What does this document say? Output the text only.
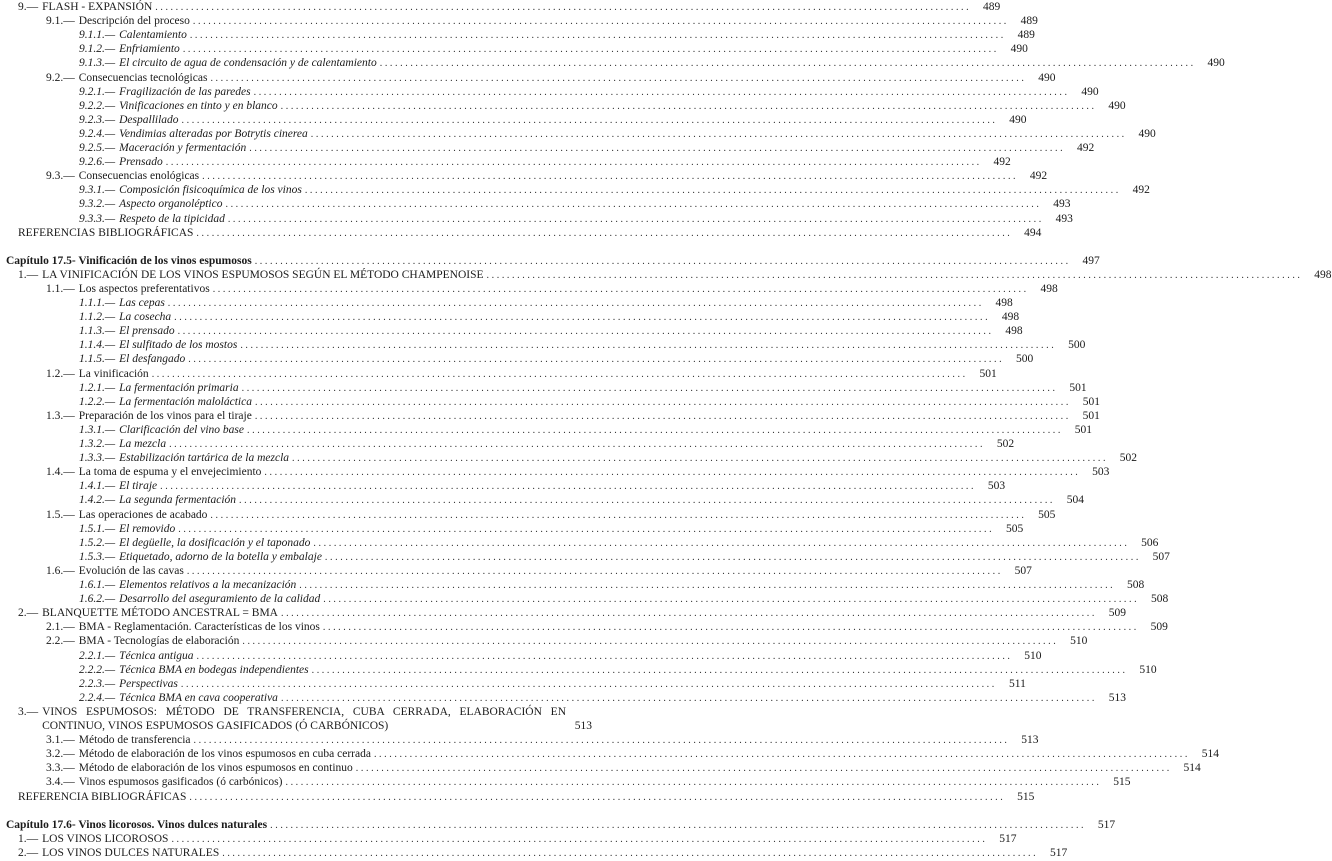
9.— FLASH - EXPANSIÓN ................................................................................................................................................................	489
9.1.— Descripción del proceso ................................................................................................................................................................	489
9.1.1.— Calentamiento ................................................................................................................................................................	489
9.1.2.— Enfriamiento ................................................................................................................................................................	490
9.1.3.— El circuito de agua de condensación y de calentamiento ................................................................................................................................................................	490
9.2.— Consecuencias tecnológicas ................................................................................................................................................................	490
9.2.1.— Fragilización de las paredes ................................................................................................................................................................	490
9.2.2.— Vinificaciones en tinto y en blanco ................................................................................................................................................................	490
9.2.3.— Despallilado ................................................................................................................................................................	490
9.2.4.— Vendimias alteradas por Botrytis cinerea ................................................................................................................................................................	490
9.2.5.— Maceración y fermentación ................................................................................................................................................................	492
9.2.6.— Prensado ................................................................................................................................................................	492
9.3.— Consecuencias enológicas ................................................................................................................................................................	492
9.3.1.— Composición fisicoquímica de los vinos ................................................................................................................................................................	492
9.3.2.— Aspecto organoléptico ................................................................................................................................................................	493
9.3.3.— Respeto de la tipicidad ................................................................................................................................................................	493
REFERENCIAS BIBLIOGRÁFICAS ................................................................................................................................................................	494
Capítulo 17.5- Vinificación de los vinos espumosos ................................................................................................................................................................	497
1.— LA VINIFICACIÓN DE LOS VINOS ESPUMOSOS SEGÚN EL MÉTODO CHAMPENOISE ................................................................................................................................................................	498
1.1.— Los aspectos preferentativos ................................................................................................................................................................	498
1.1.1.— Las cepas ................................................................................................................................................................	498
1.1.2.— La cosecha ................................................................................................................................................................	498
1.1.3.— El prensado ................................................................................................................................................................	498
1.1.4.— El sulfitado de los mostos ................................................................................................................................................................	500
1.1.5.— El desfangado ................................................................................................................................................................	500
1.2.— La vinificación ................................................................................................................................................................	501
1.2.1.— La fermentación primaria ................................................................................................................................................................	501
1.2.2.— La fermentación maloláctica ................................................................................................................................................................	501
1.3.— Preparación de los vinos para el tiraje ................................................................................................................................................................	501
1.3.1.— Clarificación del vino base ................................................................................................................................................................	501
1.3.2.— La mezcla ................................................................................................................................................................	502
1.3.3.— Estabilización tartárica de la mezcla ................................................................................................................................................................	502
1.4.— La toma de espuma y el envejecimiento ................................................................................................................................................................	503
1.4.1.— El tiraje ................................................................................................................................................................	503
1.4.2.— La segunda fermentación ................................................................................................................................................................	504
1.5.— Las operaciones de acabado ................................................................................................................................................................	505
1.5.1.— El removido ................................................................................................................................................................	505
1.5.2.— El degüelle, la dosificación y el taponado ................................................................................................................................................................	506
1.5.3.— Etiquetado, adorno de la botella y embalaje ................................................................................................................................................................	507
1.6.— Evolución de las cavas ................................................................................................................................................................	507
1.6.1.— Elementos relativos a la mecanización ................................................................................................................................................................	508
1.6.2.— Desarrollo del aseguramiento de la calidad ................................................................................................................................................................	508
2.— BLANQUETTE MÉTODO ANCESTRAL = BMA ................................................................................................................................................................	509
2.1.— BMA - Reglamentación. Características de los vinos ................................................................................................................................................................	509
2.2.— BMA - Tecnologías de elaboración ................................................................................................................................................................	510
2.2.1.— Técnica antigua ................................................................................................................................................................	510
2.2.2.— Técnica BMA en bodegas independientes ................................................................................................................................................................	510
2.2.3.— Perspectivas ................................................................................................................................................................	511
2.2.4.— Técnica BMA en cava cooperativa ................................................................................................................................................................	513
3.— VINOS ESPUMOSOS: MÉTODO DE TRANSFERENCIA, CUBA CERRADA, ELABORACIÓN EN CONTINUO, VINOS ESPUMOSOS GASIFICADOS (Ó CARBÓNICOS)	513
3.1.— Método de transferencia ................................................................................................................................................................	513
3.2.— Método de elaboración de los vinos espumosos en cuba cerrada ................................................................................................................................................................	514
3.3.— Método de elaboración de los vinos espumosos en continuo ................................................................................................................................................................	514
3.4.— Vinos espumosos gasificados (ó carbónicos) ................................................................................................................................................................	515
REFERENCIA BIBLIOGRÁFICAS ................................................................................................................................................................	515
Capítulo 17.6- Vinos licorosos. Vinos dulces naturales ................................................................................................................................................................	517
1.— LOS VINOS LICOROSOS ................................................................................................................................................................	517
2.— LOS VINOS DULCES NATURALES ................................................................................................................................................................	517
